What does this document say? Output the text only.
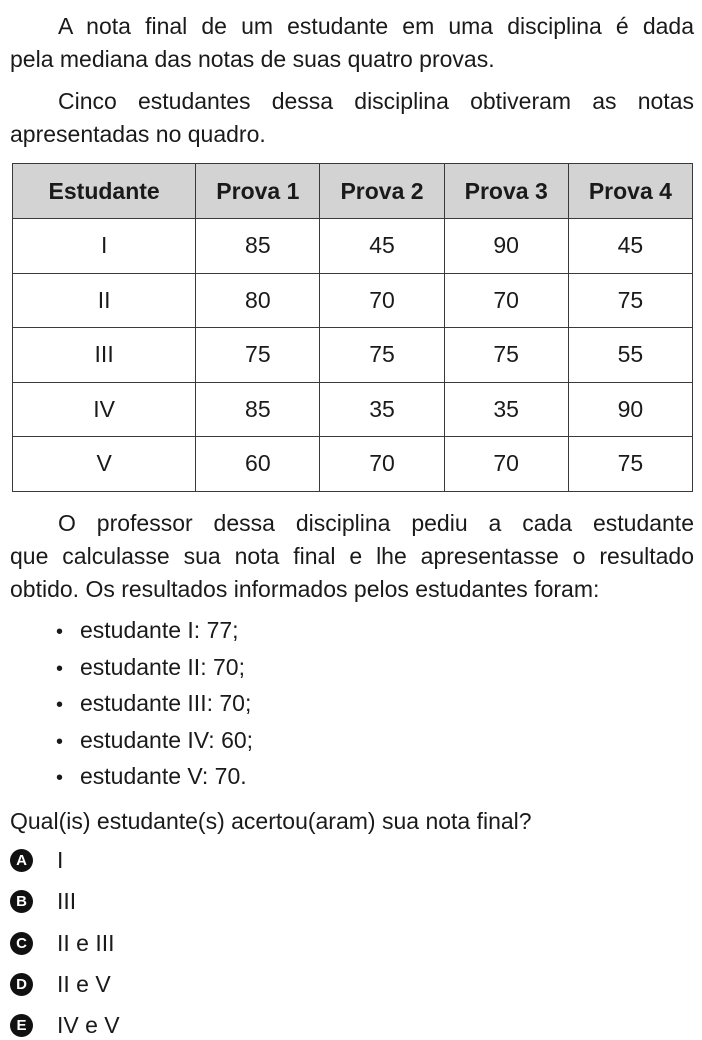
A nota final de um estudante em uma disciplina é dada
pela mediana das notas de suas quatro provas.
Cinco estudantes dessa disciplina obtiveram as notas
apresentadas no quadro.
Estudante	Prova 1	Prova 2	Prova 3	Prova 4
I	85	45	90	45
II	80	70	70	75
III	75	75	75	55
IV	85	35	35	90
V	60	70	70	75
O professor dessa disciplina pediu a cada estudante
que calculasse sua nota final e lhe apresentasse o resultado
obtido. Os resultados informados pelos estudantes foram:
• estudante I: 77;
• estudante II: 70;
• estudante III: 70;
• estudante IV: 60;
• estudante V: 70.
Qual(is) estudante(s) acertou(aram) sua nota final?
A I
B III
C II e III
D II e V
E IV e V
